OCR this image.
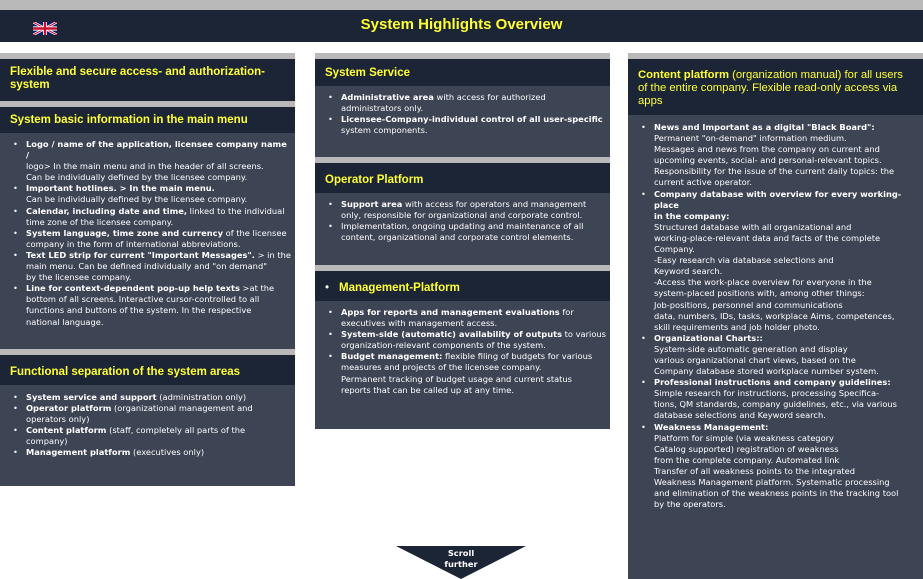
System Highlights Overview
Flexible and secure access- and authorization- system
System basic information in the main menu
• Logo / name of the application, licensee company name /
logo> In the main menu and in the header of all screens.
Can be individually defined by the licensee company.
• Important hotlines. > In the main menu.
Can be individually defined by the licensee company.
• Calendar, including date and time, linked to the individual
time zone of the licensee company.
• System language, time zone and currency of the licensee
company in the form of international abbreviations.
• Text LED strip for current "Important Messages". > in the
main menu. Can be defined individually and "on demand"
by the licensee company.
• Line for context-dependent pop-up help texts >at the
bottom of all screens. Interactive cursor-controlled to all
functions and buttons of the system. In the respective
national language.
Functional separation of the system areas
• System service and support (administration only)
• Operator platform (organizational management and
operators only)
• Content platform (staff, completely all parts of the
company)
• Management platform (executives only)
System Service
• Administrative area with access for authorized
administrators only.
• Licensee-Company-individual control of all user-specific
system components.
Operator Platform
• Support area with access for operators and management
only, responsible for organizational and corporate control.
• Implementation, ongoing updating and maintenance of all
content, organizational and corporate control elements.
• Management-Platform
• Apps for reports and management evaluations for
executives with management access.
• System-side (automatic) availability of outputs to various
organization-relevant components of the system.
• Budget management: flexible filing of budgets for various
measures and projects of the licensee company.
Permanent tracking of budget usage and current status
reports that can be called up at any time.
Content platform (organization manual) for all users of the entire company. Flexible read-only access via apps
• News and Important as a digital "Black Board":
Permanent "on-demand" information medium.
Messages and news from the company on current and
upcoming events, social- and personal-relevant topics.
Responsibility for the issue of the current daily topics: the
current active operator.
• Company database with overview for every working-place
in the company:
Structured database with all organizational and
working-place-relevant data and facts of the complete
Company.
-Easy research via database selections and
Keyword search.
-Access the work-place overview for everyone in the
system-placed positions with, among other things:
Job-positions, personnel and communications
data, numbers, IDs, tasks, workplace Aims, competences,
skill requirements and job holder photo.
• Organizational Charts::
System-side automatic generation and display
various organizational chart views, based on the
Company database stored workplace number system.
• Professional instructions and company guidelines:
Simple research for instructions, processing Specifica-
tions, QM standards, company guidelines, etc., via various
database selections and Keyword search.
• Weakness Management:
Platform for simple (via weakness category
Catalog supported) registration of weakness
from the complete company. Automated link
Transfer of all weakness points to the integrated
Weakness Management platform. Systematic processing
and elimination of the weakness points in the tracking tool
by the operators.
Scroll further
